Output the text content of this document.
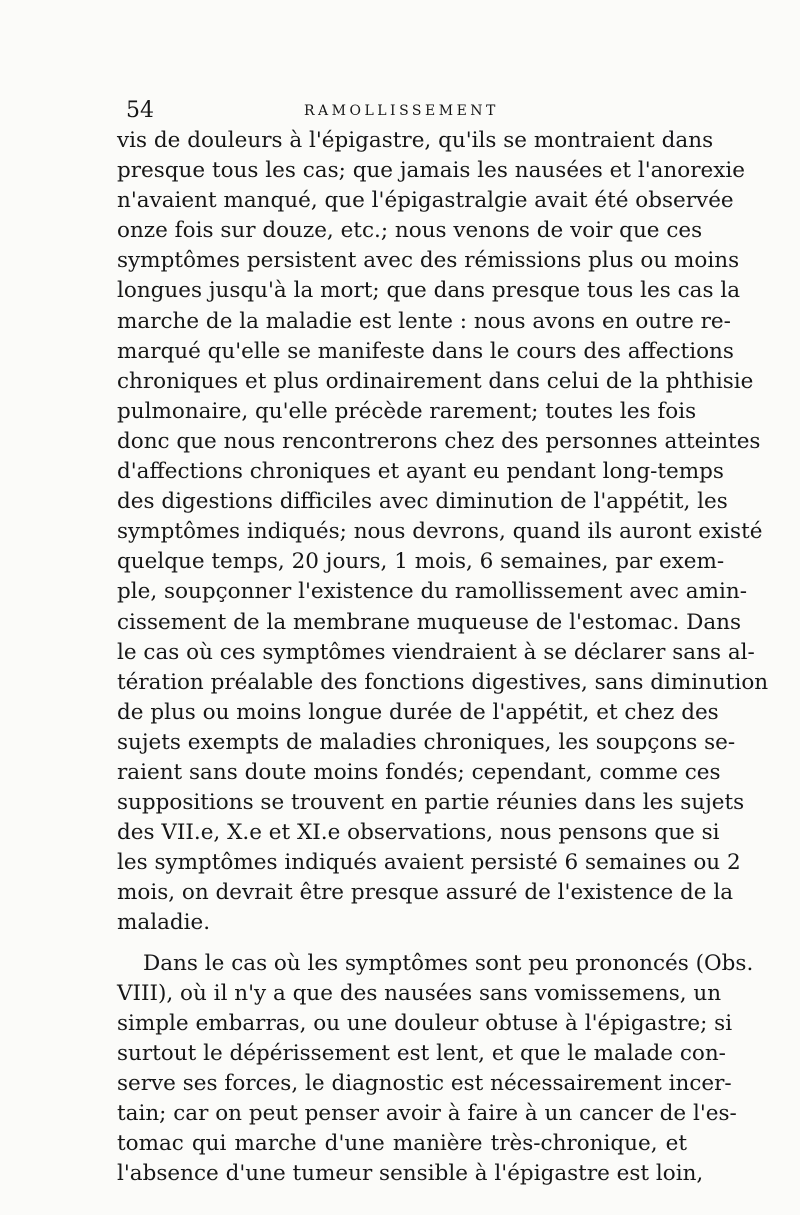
54	RAMOLLISSEMENT
vis de douleurs à l'épigastre, qu'ils se montraient dans
presque tous les cas; que jamais les nausées et l'anorexie
n'avaient manqué, que l'épigastralgie avait été observée
onze fois sur douze, etc.; nous venons de voir que ces
symptômes persistent avec des rémissions plus ou moins
longues jusqu'à la mort; que dans presque tous les cas la
marche de la maladie est lente : nous avons en outre re-
marqué qu'elle se manifeste dans le cours des affections
chroniques et plus ordinairement dans celui de la phthisie
pulmonaire, qu'elle précède rarement; toutes les fois
donc que nous rencontrerons chez des personnes atteintes
d'affections chroniques et ayant eu pendant long-temps
des digestions difficiles avec diminution de l'appétit, les
symptômes indiqués; nous devrons, quand ils auront existé
quelque temps, 20 jours, 1 mois, 6 semaines, par exem-
ple, soupçonner l'existence du ramollissement avec amin-
cissement de la membrane muqueuse de l'estomac. Dans
le cas où ces symptômes viendraient à se déclarer sans al-
tération préalable des fonctions digestives, sans diminution
de plus ou moins longue durée de l'appétit, et chez des
sujets exempts de maladies chroniques, les soupçons se-
raient sans doute moins fondés; cependant, comme ces
suppositions se trouvent en partie réunies dans les sujets
des VII.e, X.e et XI.e observations, nous pensons que si
les symptômes indiqués avaient persisté 6 semaines ou 2
mois, on devrait être presque assuré de l'existence de la
maladie.
Dans le cas où les symptômes sont peu prononcés (Obs.
VIII), où il n'y a que des nausées sans vomissemens, un
simple embarras, ou une douleur obtuse à l'épigastre; si
surtout le dépérissement est lent, et que le malade con-
serve ses forces, le diagnostic est nécessairement incer-
tain; car on peut penser avoir à faire à un cancer de l'es-
tomac qui marche d'une manière très-chronique, et
l'absence d'une tumeur sensible à l'épigastre est loin,
